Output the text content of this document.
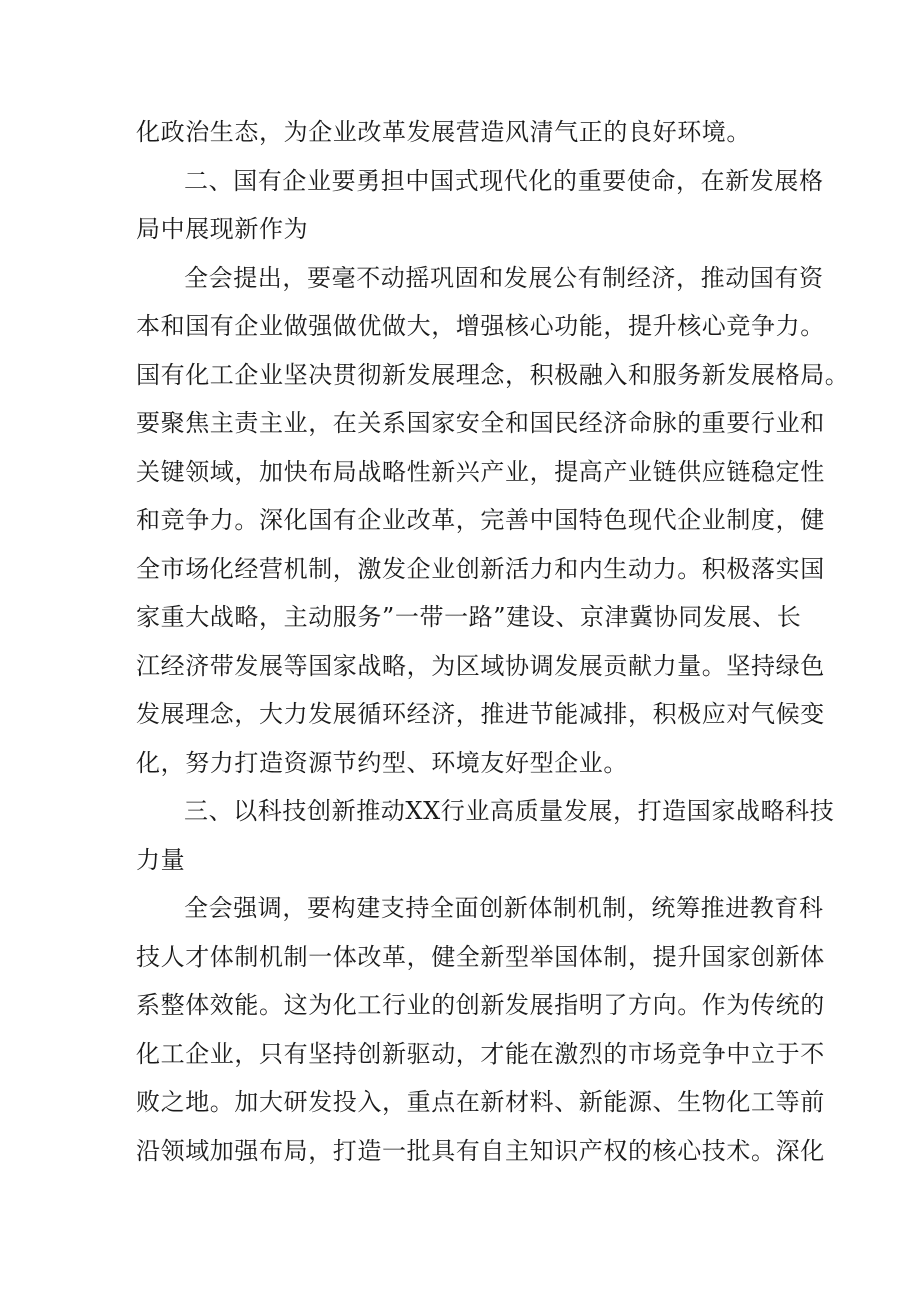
化政治生态，为企业改革发展营造风清气正的良好环境。
二、国有企业要勇担中国式现代化的重要使命，在新发展格
局中展现新作为
全会提出，要毫不动摇巩固和发展公有制经济，推动国有资
本和国有企业做强做优做大，增强核心功能，提升核心竞争力。
国有化工企业坚决贯彻新发展理念，积极融入和服务新发展格局。
要聚焦主责主业，在关系国家安全和国民经济命脉的重要行业和
关键领域，加快布局战略性新兴产业，提高产业链供应链稳定性
和竞争力。深化国有企业改革，完善中国特色现代企业制度，健
全市场化经营机制，激发企业创新活力和内生动力。积极落实国
家重大战略，主动服务”一带一路”建设、京津冀协同发展、长
江经济带发展等国家战略，为区域协调发展贡献力量。坚持绿色
发展理念，大力发展循环经济，推进节能减排，积极应对气候变
化，努力打造资源节约型、环境友好型企业。
三、以科技创新推动XX行业高质量发展，打造国家战略科技
力量
全会强调，要构建支持全面创新体制机制，统筹推进教育科
技人才体制机制一体改革，健全新型举国体制，提升国家创新体
系整体效能。这为化工行业的创新发展指明了方向。作为传统的
化工企业，只有坚持创新驱动，才能在激烈的市场竞争中立于不
败之地。加大研发投入，重点在新材料、新能源、生物化工等前
沿领域加强布局，打造一批具有自主知识产权的核心技术。深化
